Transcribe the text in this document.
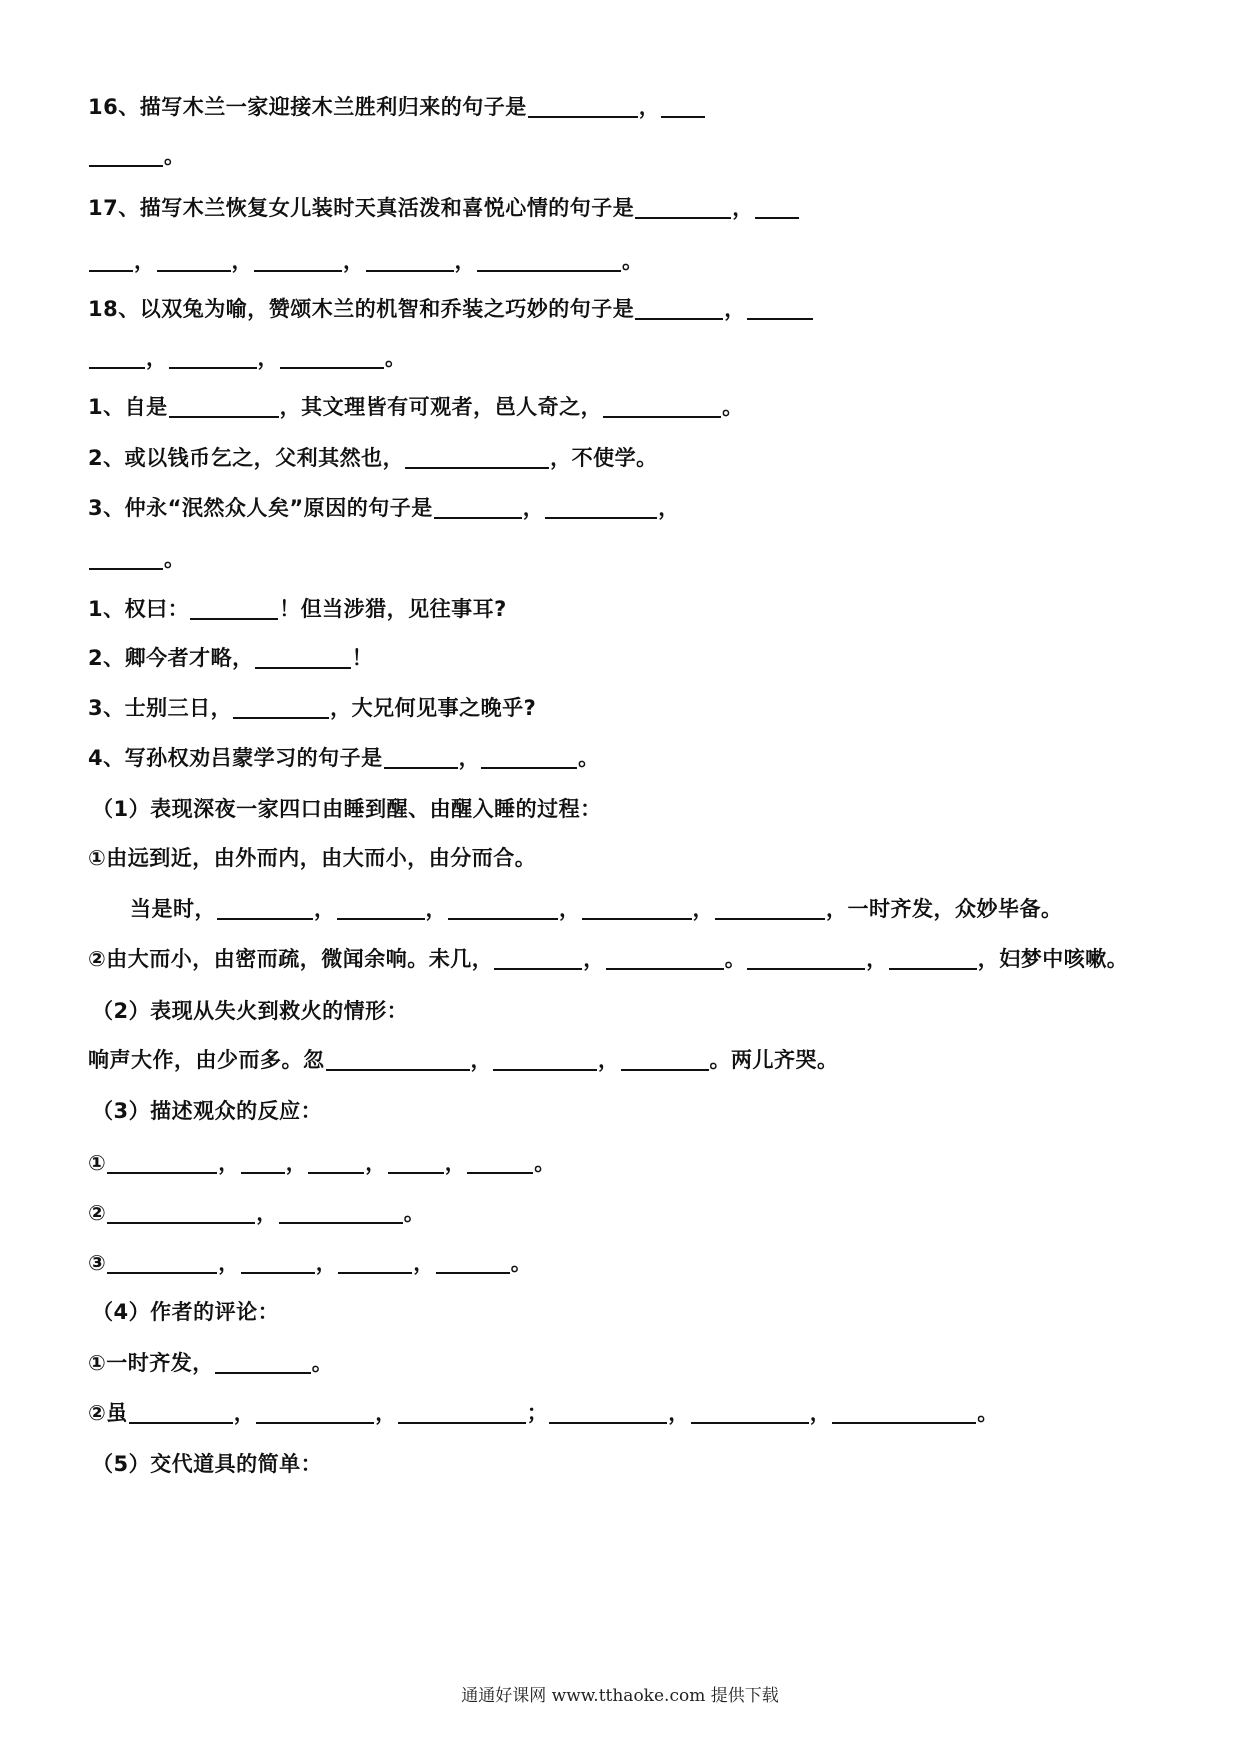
16、描写木兰一家迎接木兰胜利归来的句子是	，
。
17、描写木兰恢复女儿装时天真活泼和喜悦心情的句子是	，
，	，	，	，	。
18、以双兔为喻，赞颂木兰的机智和乔装之巧妙的句子是	，
，	，	。
1、自是	，其文理皆有可观者，邑人奇之，	。
2、或以钱币乞之，父利其然也，	，不使学。
3、仲永“泯然众人矣”原因的句子是	，	，
。
1、权曰：	！但当涉猎，见往事耳?
2、卿今者才略，	！
3、士别三日，	，大兄何见事之晚乎?
4、写孙权劝吕蒙学习的句子是	，	。
（1）表现深夜一家四口由睡到醒、由醒入睡的过程：
①由远到近，由外而内，由大而小，由分而合。
当是时，	，	，	，	，	，一时齐发，众妙毕备。
②由大而小，由密而疏，微闻余响。未几，	，	。	，	，妇梦中咳嗽。
（2）表现从失火到救火的情形：
响声大作，由少而多。忽	，	，	。两儿齐哭。
（3）描述观众的反应：
①	， ，	，	，	。
②	，	。
③	，	，	，	。
（4）作者的评论：
①一时齐发，	。
②虽	，	，	；	，	，	。
（5）交代道具的简单：
通通好课网 www.tthaoke.com 提供下载
